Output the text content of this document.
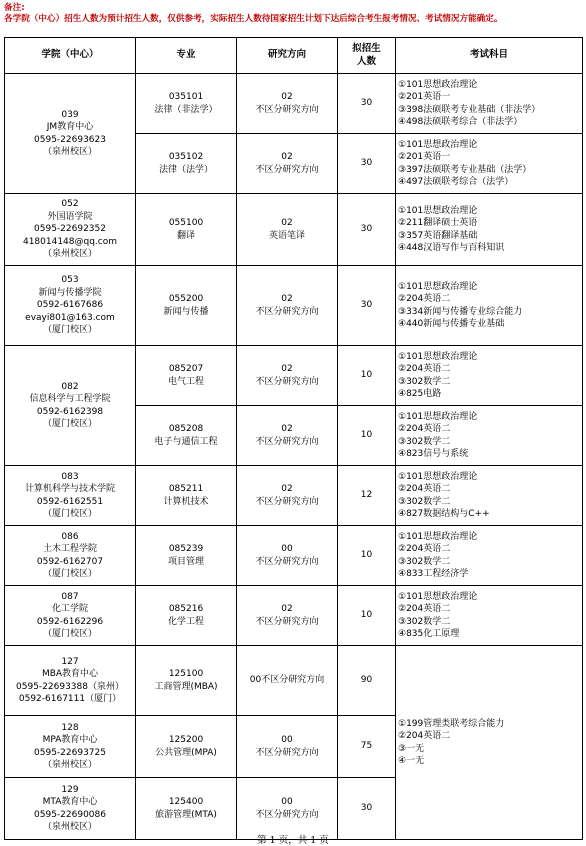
备注:
各学院（中心）招生人数为预计招生人数，仅供参考，实际招生人数待国家招生计划下达后综合考生报考情况、考试情况方能确定。
学院（中心）	专业	研究方向	拟招生
人数	考试科目

039
JM教育中心
0595-22693623
（泉州校区）	035101
法律（非法学）	02
不区分研究方向	30	①101思想政治理论
②201英语一
③398法硕联考专业基础（非法学）
④498法硕联考综合（非法学）

	035102
法律（法学）	02
不区分研究方向	30	①101思想政治理论
②201英语一
③397法硕联考专业基础（法学）
④497法硕联考综合（法学）

052
外国语学院
0595-22692352
418014148@qq.com
（泉州校区）	055100
翻译	02
英语笔译	30	①101思想政治理论
②211翻译硕士英语
③357英语翻译基础
④448汉语写作与百科知识

053
新闻与传播学院
0592-6167686
evayi801@163.com
（厦门校区）	055200
新闻与传播	02
不区分研究方向	30	①101思想政治理论
②204英语二
③334新闻与传播专业综合能力
④440新闻与传播专业基础

082
信息科学与工程学院
0592-6162398
（厦门校区）	085207
电气工程	02
不区分研究方向	10	①101思想政治理论
②204英语二
③302数学二
④825电路

	085208
电子与通信工程	02
不区分研究方向	10	①101思想政治理论
②204英语二
③302数学二
④823信号与系统

083
计算机科学与技术学院
0592-6162551
（厦门校区）	085211
计算机技术	02
不区分研究方向	12	①101思想政治理论
②204英语二
③302数学二
④827数据结构与C++

086
土木工程学院
0592-6162707
（厦门校区）	085239
项目管理	00
不区分研究方向	10	①101思想政治理论
②204英语二
③302数学二
④833工程经济学

087
化工学院
0592-6162296
（厦门校区）	085216
化学工程	02
不区分研究方向	10	①101思想政治理论
②204英语二
③302数学二
④835化工原理

127
MBA教育中心
0595-22693388（泉州）
0592-6167111（厦门）	125100
工商管理(MBA)	00不区分研究方向	90	①199管理类联考综合能力
②204英语二
③一无
④一无

128
MPA教育中心
0595-22693725
（泉州校区）	125200
公共管理(MPA)	00
不区分研究方向	75	

129
MTA教育中心
0595-22690086
（泉州校区）	125400
旅游管理(MTA)	00
不区分研究方向	30	
第 1 页，共 1 页
